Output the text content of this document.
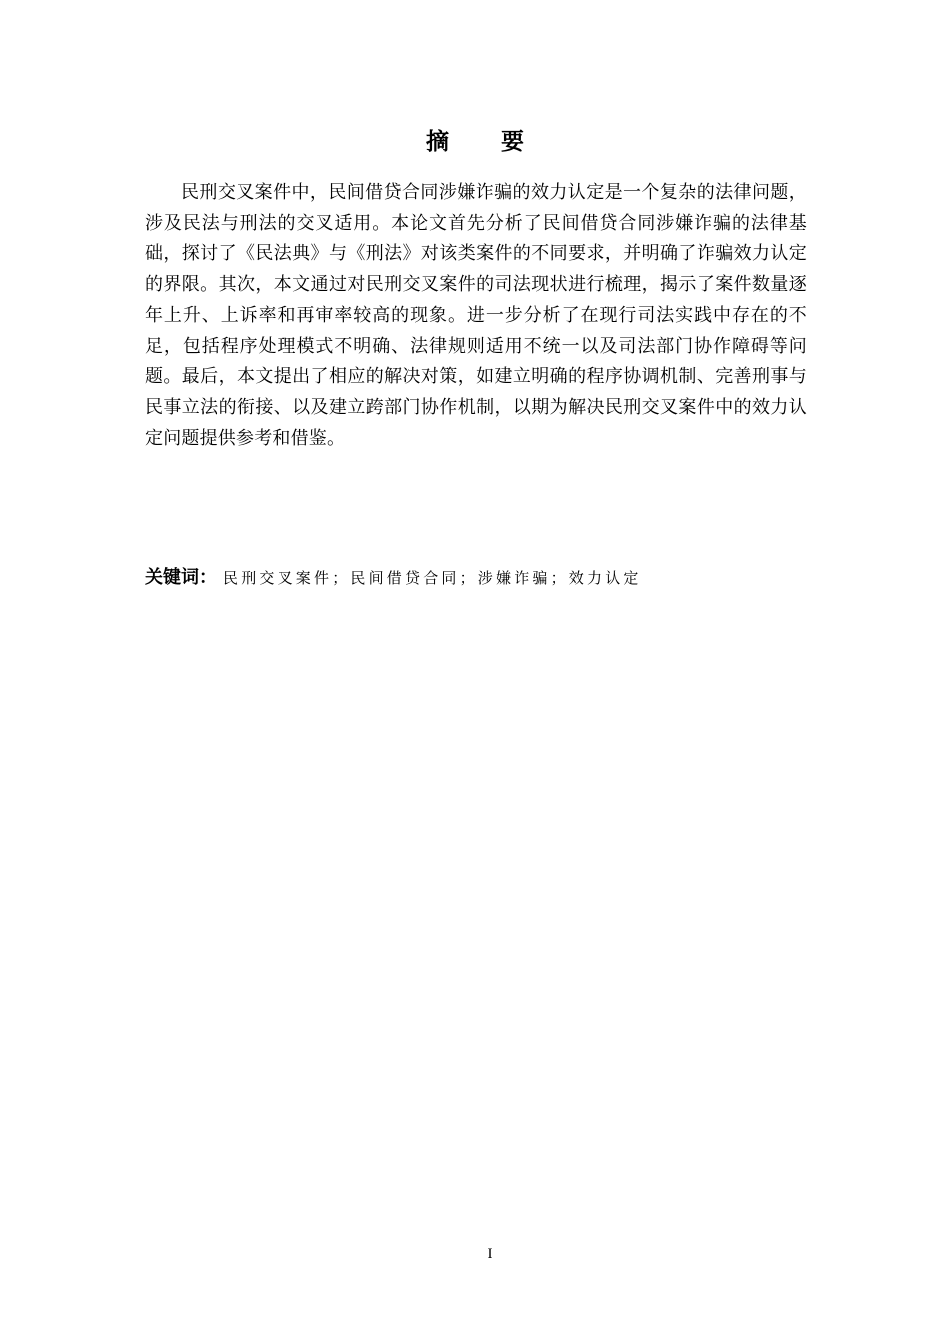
摘 要

民刑交叉案件中，民间借贷合同涉嫌诈骗的效力认定是一个复杂的法律问题，涉及民法与刑法的交叉适用。本论文首先分析了民间借贷合同涉嫌诈骗的法律基础，探讨了《民法典》与《刑法》对该类案件的不同要求，并明确了诈骗效力认定的界限。其次，本文通过对民刑交叉案件的司法现状进行梳理，揭示了案件数量逐年上升、上诉率和再审率较高的现象。进一步分析了在现行司法实践中存在的不足，包括程序处理模式不明确、法律规则适用不统一以及司法部门协作障碍等问题。最后，本文提出了相应的解决对策，如建立明确的程序协调机制、完善刑事与民事立法的衔接、以及建立跨部门协作机制，以期为解决民刑交叉案件中的效力认定问题提供参考和借鉴。

关键词： 民刑交叉案件；民间借贷合同；涉嫌诈骗；效力认定
I
